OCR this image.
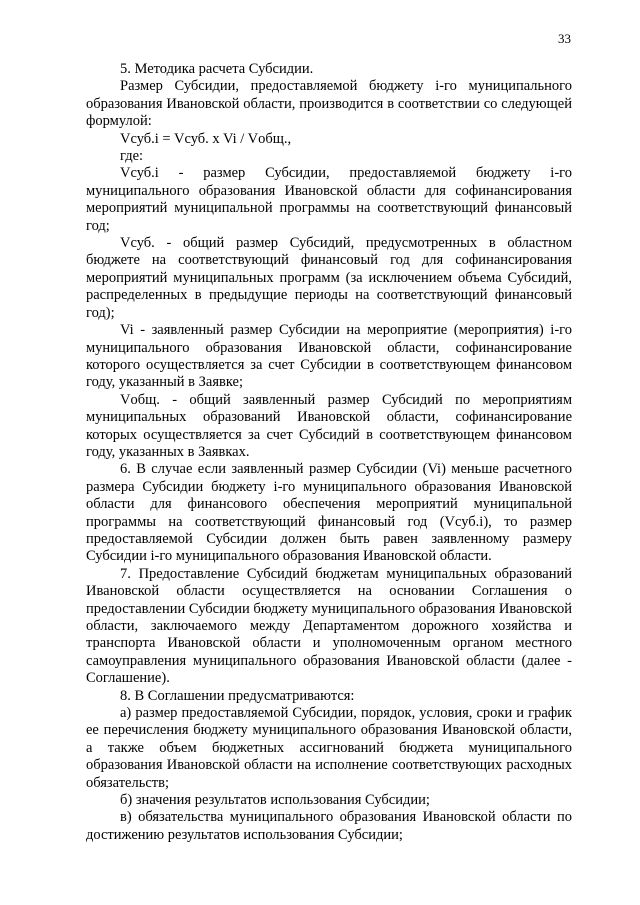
33

5. Методика расчета Субсидии.

Размер Субсидии, предоставляемой бюджету i-го муниципального образования Ивановской области, производится в соответствии со следующей формулой:

Vсуб.i = Vсуб. x Vi / Vобщ.,

где:

Vсуб.i - размер Субсидии, предоставляемой бюджету i-го муниципального образования Ивановской области для софинансирования мероприятий муниципальной программы на соответствующий финансовый год;

Vсуб. - общий размер Субсидий, предусмотренных в областном бюджете на соответствующий финансовый год для софинансирования мероприятий муниципальных программ (за исключением объема Субсидий, распределенных в предыдущие периоды на соответствующий финансовый год);

Vi - заявленный размер Субсидии на мероприятие (мероприятия) i-го муниципального образования Ивановской области, софинансирование которого осуществляется за счет Субсидии в соответствующем финансовом году, указанный в Заявке;

Vобщ. - общий заявленный размер Субсидий по мероприятиям муниципальных образований Ивановской области, софинансирование которых осуществляется за счет Субсидий в соответствующем финансовом году, указанных в Заявках.

6. В случае если заявленный размер Субсидии (Vi) меньше расчетного размера Субсидии бюджету i-го муниципального образования Ивановской области для финансового обеспечения мероприятий муниципальной программы на соответствующий финансовый год (Vсуб.i), то размер предоставляемой Субсидии должен быть равен заявленному размеру Субсидии i-го муниципального образования Ивановской области.

7. Предоставление Субсидий бюджетам муниципальных образований Ивановской области осуществляется на основании Соглашения о предоставлении Субсидии бюджету муниципального образования Ивановской области, заключаемого между Департаментом дорожного хозяйства и транспорта Ивановской области и уполномоченным органом местного самоуправления муниципального образования Ивановской области (далее - Соглашение).

8. В Соглашении предусматриваются:

а) размер предоставляемой Субсидии, порядок, условия, сроки и график ее перечисления бюджету муниципального образования Ивановской области, а также объем бюджетных ассигнований бюджета муниципального образования Ивановской области на исполнение соответствующих расходных обязательств;

б) значения результатов использования Субсидии;

в) обязательства муниципального образования Ивановской области по достижению результатов использования Субсидии;
